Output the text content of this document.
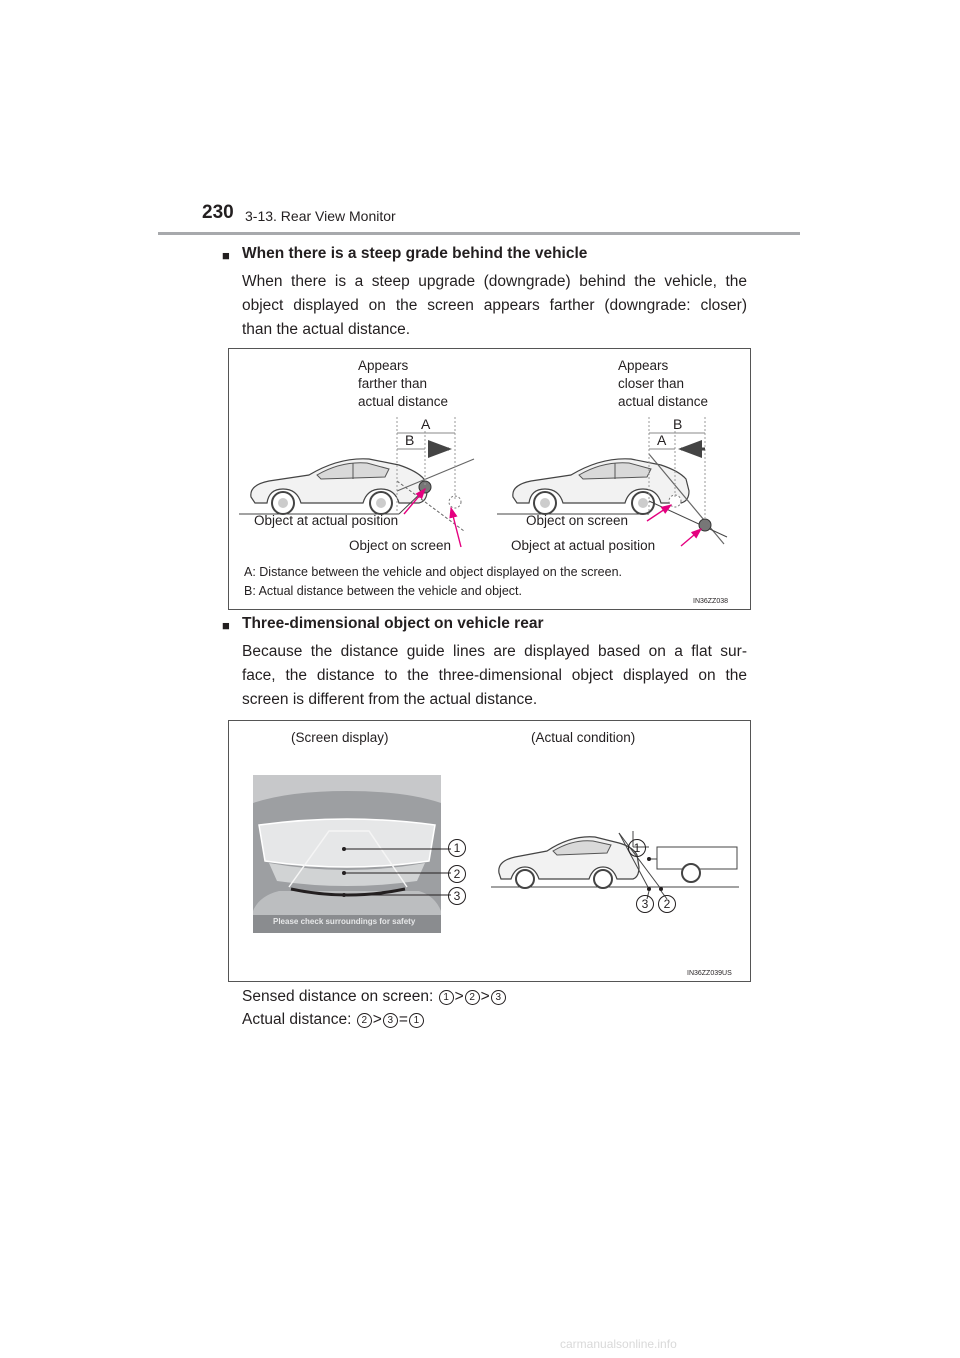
230 3-13. Rear View Monitor
■ When there is a steep grade behind the vehicle
When there is a steep upgrade (downgrade) behind the vehicle, the
object displayed on the screen appears farther (downgrade: closer)
than the actual distance.
Appears
farther than
actual distance
Appears
closer than
actual distance
A
B
B
A
Object at actual position
Object on screen
Object on screen
Object at actual position
A: Distance between the vehicle and object displayed on the screen.
B: Actual distance between the vehicle and object.
IN36ZZ038
■ Three-dimensional object on vehicle rear
Because the distance guide lines are displayed based on a flat sur-
face, the distance to the three-dimensional object displayed on the
screen is different from the actual distance.
(Screen display)	(Actual condition)
Please check surroundings for safety
1
2
3
1
3	2
IN36ZZ039US
Sensed distance on screen: 1 > 2 > 3
Actual distance: 2 > 3 = 1
carmanualsonline.info
